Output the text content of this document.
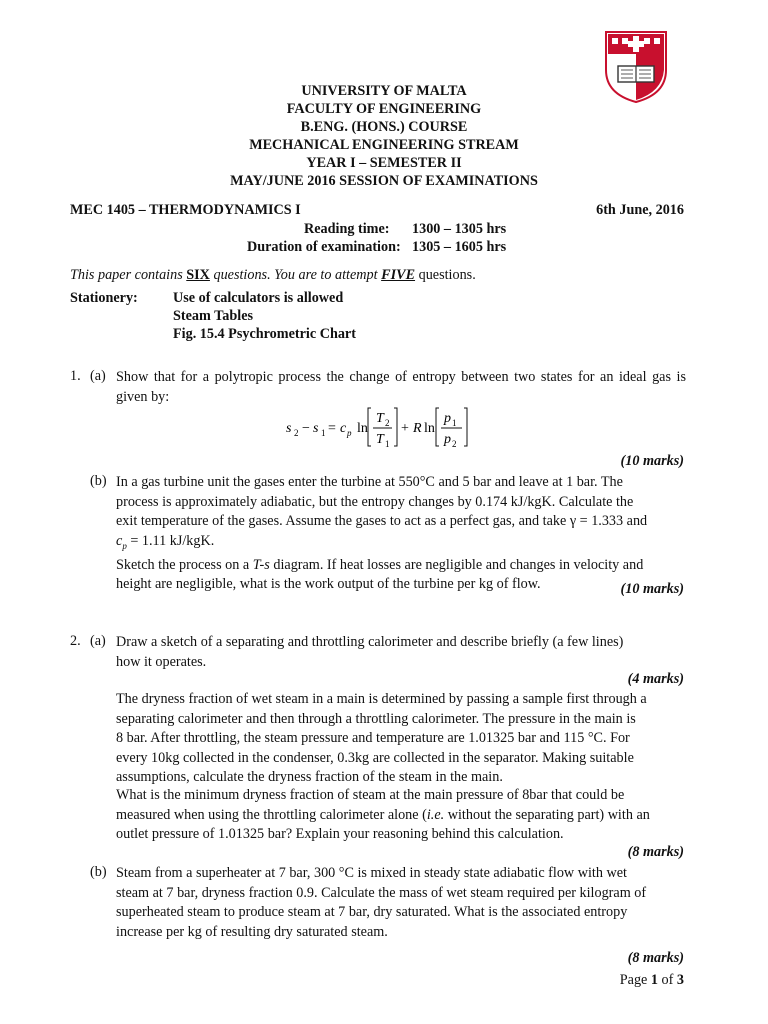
UNIVERSITY OF MALTA
FACULTY OF ENGINEERING
B.ENG. (HONS.) COURSE
MECHANICAL ENGINEERING STREAM
YEAR I – SEMESTER II
MAY/JUNE 2016 SESSION OF EXAMINATIONS
MEC 1405 – THERMODYNAMICS I	6th June, 2016
Reading time: 1300 – 1305 hrs
Duration of examination: 1305 – 1605 hrs
This paper contains SIX questions. You are to attempt FIVE questions.
Stationery: Use of calculators is allowed
Steam Tables
Fig. 15.4 Psychrometric Chart
1. (a) Show that for a polytropic process the change of entropy between two states for an ideal gas is given by:
s 2 − s 1 = c p ln
T 2
T 1
+ R ln
p 1
p 2
(10 marks)
(b) In a gas turbine unit the gases enter the turbine at 550°C and 5 bar and leave at 1 bar. The
process is approximately adiabatic, but the entropy changes by 0.174 kJ/kgK. Calculate the
exit temperature of the gases. Assume the gases to act as a perfect gas, and take γ = 1.333 and
$c_p = 1.11$ kJ/kgK.
Sketch the process on a T-s diagram. If heat losses are negligible and changes in velocity and
height are negligible, what is the work output of the turbine per kg of flow.	(10 marks)
2. (a) Draw a sketch of a separating and throttling calorimeter and describe briefly (a few lines)
how it operates.
(4 marks)
The dryness fraction of wet steam in a main is determined by passing a sample first through a
separating calorimeter and then through a throttling calorimeter. The pressure in the main is
8 bar. After throttling, the steam pressure and temperature are 1.01325 bar and 115 °C. For
every 10kg collected in the condenser, 0.3kg are collected in the separator. Making suitable
assumptions, calculate the dryness fraction of the steam in the main.
What is the minimum dryness fraction of steam at the main pressure of 8bar that could be
measured when using the throttling calorimeter alone (i.e. without the separating part) with an
outlet pressure of 1.01325 bar? Explain your reasoning behind this calculation.
(8 marks)
(b) Steam from a superheater at 7 bar, 300 °C is mixed in steady state adiabatic flow with wet
steam at 7 bar, dryness fraction 0.9. Calculate the mass of wet steam required per kilogram of
superheated steam to produce steam at 7 bar, dry saturated. What is the associated entropy
increase per kg of resulting dry saturated steam.
(8 marks)
Page 1 of 3
